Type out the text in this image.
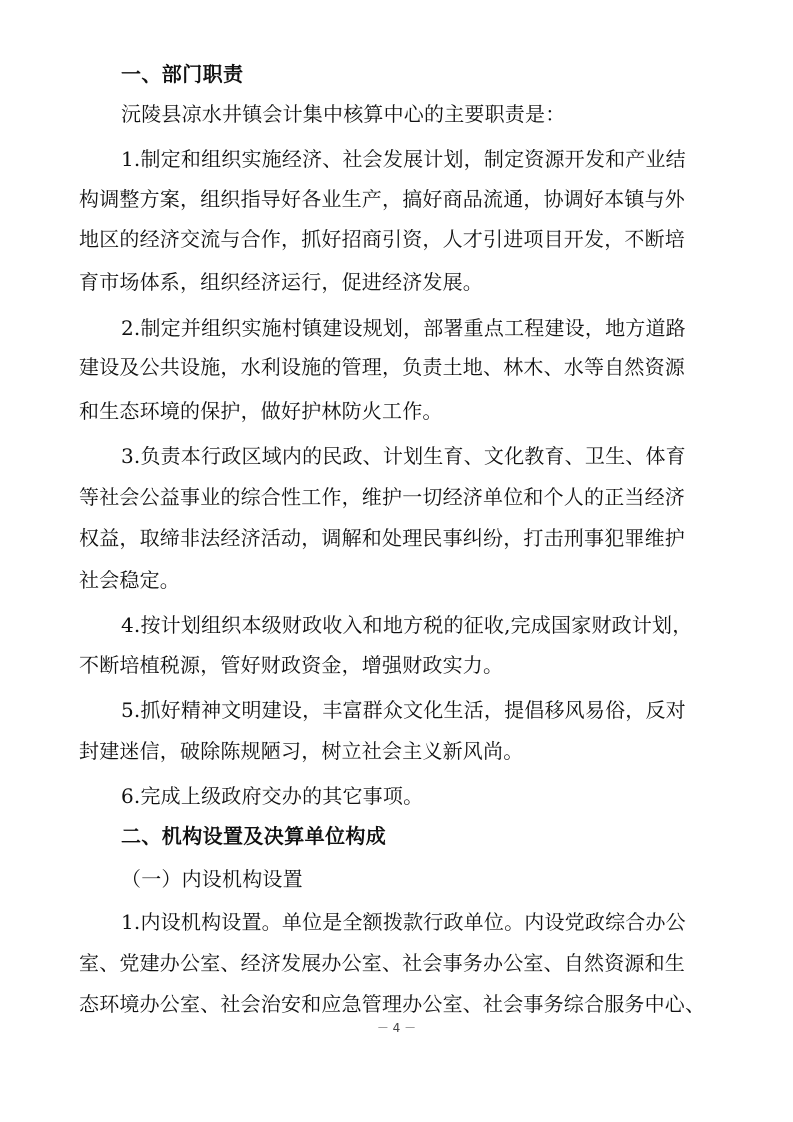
一、部门职责
沅陵县凉水井镇会计集中核算中心的主要职责是：
1.制定和组织实施经济、社会发展计划，制定资源开发和产业结
构调整方案，组织指导好各业生产，搞好商品流通，协调好本镇与外
地区的经济交流与合作，抓好招商引资，人才引进项目开发，不断培
育市场体系，组织经济运行，促进经济发展。
2.制定并组织实施村镇建设规划，部署重点工程建设，地方道路
建设及公共设施，水利设施的管理，负责土地、林木、水等自然资源
和生态环境的保护，做好护林防火工作。
3.负责本行政区域内的民政、计划生育、文化教育、卫生、体育
等社会公益事业的综合性工作，维护一切经济单位和个人的正当经济
权益，取缔非法经济活动，调解和处理民事纠纷，打击刑事犯罪维护
社会稳定。
4.按计划组织本级财政收入和地方税的征收,完成国家财政计划，
不断培植税源，管好财政资金，增强财政实力。
5.抓好精神文明建设，丰富群众文化生活，提倡移风易俗，反对
封建迷信，破除陈规陋习，树立社会主义新风尚。
6.完成上级政府交办的其它事项。
二、机构设置及决算单位构成
（一）内设机构设置
1.内设机构设置。单位是全额拨款行政单位。内设党政综合办公
室、党建办公室、经济发展办公室、社会事务办公室、自然资源和生
态环境办公室、社会治安和应急管理办公室、社会事务综合服务中心、
－ 4 －
